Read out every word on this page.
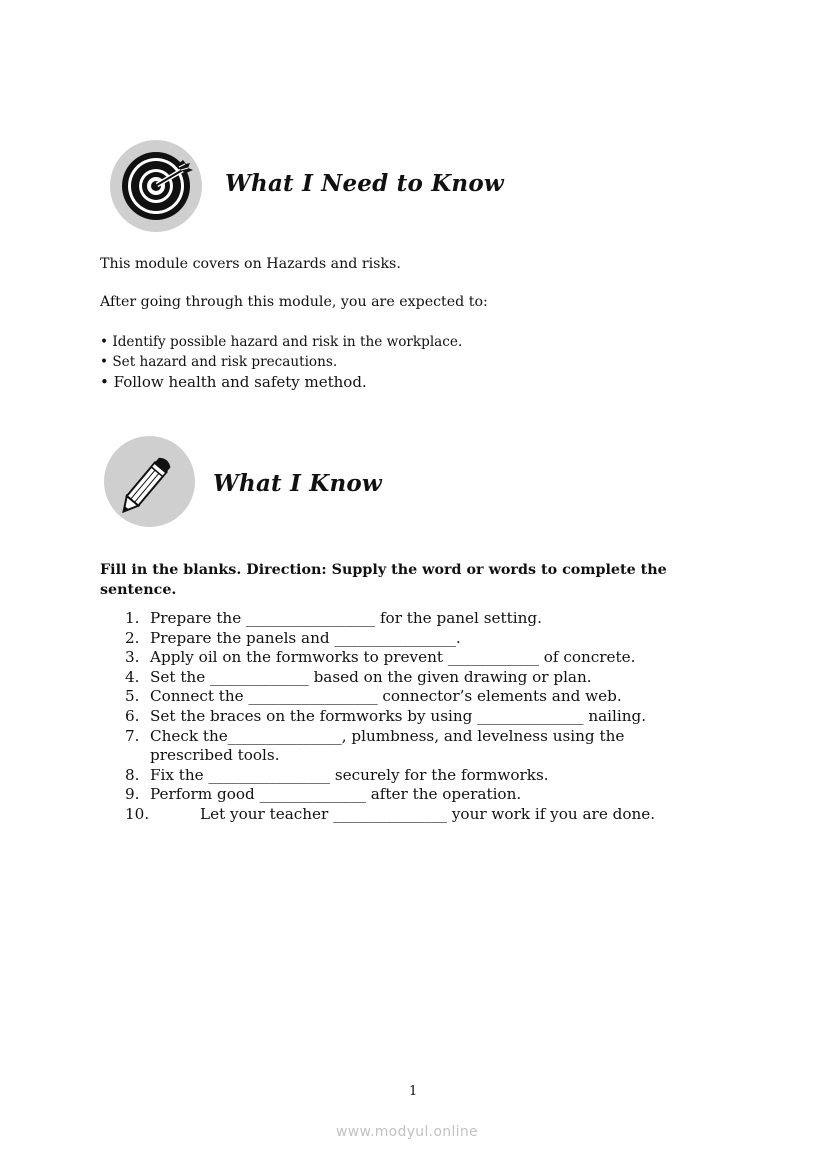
What I Need to Know
This module covers on Hazards and risks.
After going through this module, you are expected to:
• Identify possible hazard and risk in the workplace.
• Set hazard and risk precautions.
• Follow health and safety method.
What I Know
Fill in the blanks. Direction: Supply the word or words to complete the sentence.
1. Prepare the _________________ for the panel setting.
2. Prepare the panels and ________________.
3. Apply oil on the formworks to prevent ____________ of concrete.
4. Set the _____________ based on the given drawing or plan.
5. Connect the _________________ connector’s elements and web.
6. Set the braces on the formworks by using ______________ nailing.
7. Check the_______________, plumbness, and levelness using the prescribed tools.
8. Fix the ________________ securely for the formworks.
9. Perform good ______________ after the operation.
10.	Let your teacher _______________ your work if you are done.
1
www.modyul.online
